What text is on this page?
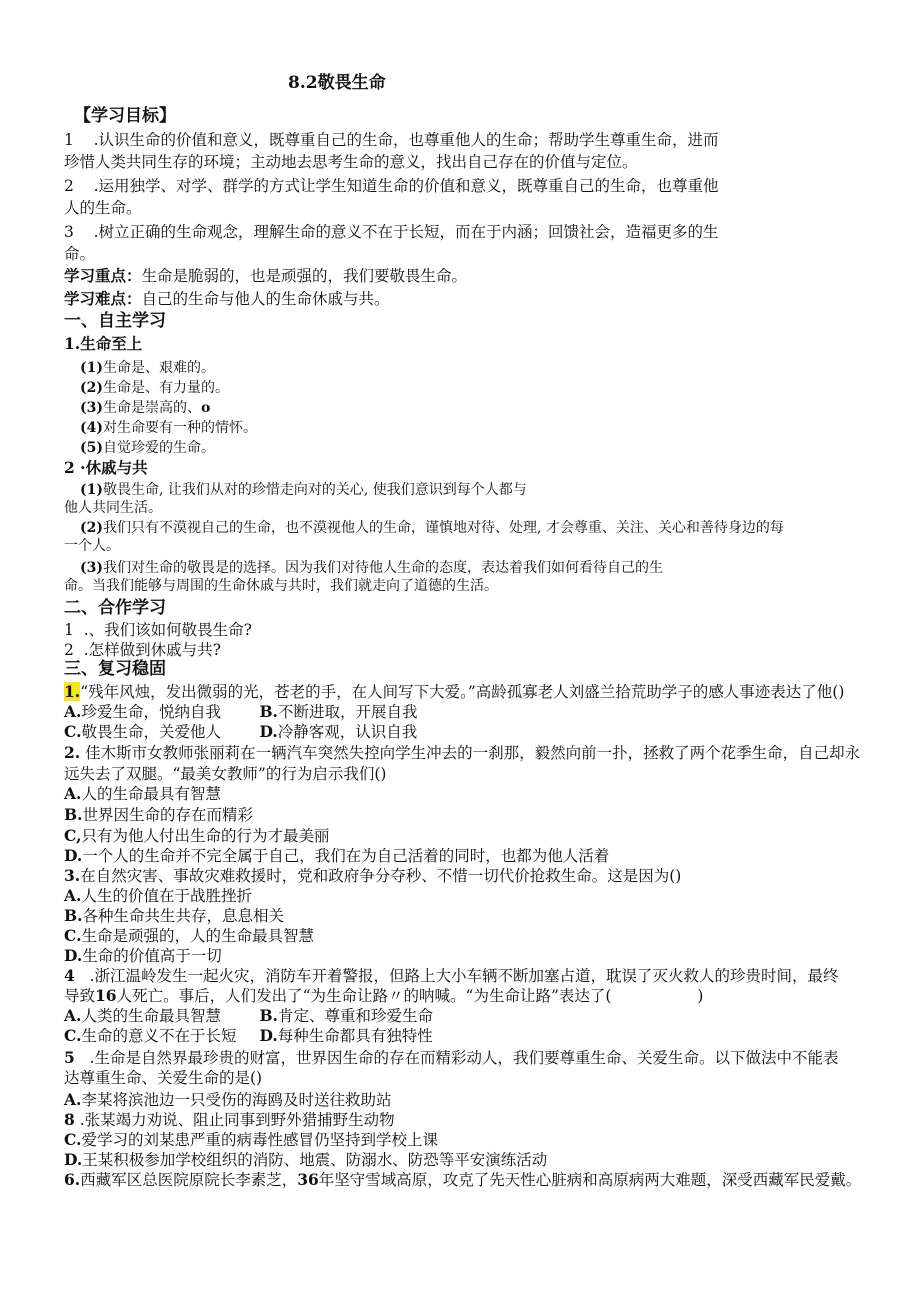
8.2敬畏生命
【学习目标】
1 .认识生命的价值和意义，既尊重自己的生命，也尊重他人的生命；帮助学生尊重生命，进而
珍惜人类共同生存的环境；主动地去思考生命的意义，找出自己存在的价值与定位。
2 .运用独学、对学、群学的方式让学生知道生命的价值和意义，既尊重自己的生命，也尊重他
人的生命。
3 .树立正确的生命观念，理解生命的意义不在于长短，而在于内涵；回馈社会，造福更多的生
命。
学习重点：生命是脆弱的，也是顽强的，我们要敬畏生命。
学习难点：自己的生命与他人的生命休戚与共。
一、自主学习
1.生命至上
(1)生命是、艰难的。
(2)生命是、有力量的。
(3)生命是崇高的、o
(4)对生命要有一种的情怀。
(5)自觉珍爱的生命。
2 ·休戚与共
(1)敬畏生命, 让我们从对的珍惜走向对的关心, 使我们意识到每个人都与
他人共同生活。
(2)我们只有不漠视自己的生命，也不漠视他人的生命，谨慎地对待、处理, 才会尊重、关注、关心和善待身边的每
一个人。
(3)我们对生命的敬畏是的选择。因为我们对待他人生命的态度，表达着我们如何看待自己的生
命。当我们能够与周围的生命休戚与共时，我们就走向了道德的生活。
二、合作学习
1 .、我们该如何敬畏生命?
2 .怎样做到休戚与共?
三、复习稳固
1.“残年风烛，发出微弱的光，苍老的手，在人间写下大爱。”高龄孤寡老人刘盛兰拾荒助学子的感人事迹表达了他()
A.珍爱生命，悦纳自我 B.不断进取，开展自我
C.敬畏生命，关爱他人 D.冷静客观，认识自我
2. 佳木斯市女教师张丽莉在一辆汽车突然失控向学生冲去的一刹那，毅然向前一扑，拯救了两个花季生命，自己却永
远失去了双腿。“最美女教师”的行为启示我们()
A.人的生命最具有智慧
B.世界因生命的存在而精彩
C,只有为他人付出生命的行为才最美丽
D.一个人的生命并不完全属于自己，我们在为自己活着的同时，也都为他人活着
3.在自然灾害、事故灾难救援时，党和政府争分夺秒、不惜一切代价抢救生命。这是因为()
A.人生的价值在于战胜挫折
B.各种生命共生共存，息息相关
C.生命是顽强的，人的生命最具智慧
D.生命的价值高于一切
4 .浙江温岭发生一起火灾，消防车开着警报，但路上大小车辆不断加塞占道，耽误了灭火救人的珍贵时间，最终
导致16人死亡。事后，人们发出了“为生命让路〃的呐喊。“为生命让路”表达了(	)
A.人类的生命最具智慧 B.肯定、尊重和珍爱生命
C.生命的意义不在于长短 D.每种生命都具有独特性
5 .生命是自然界最珍贵的财富，世界因生命的存在而精彩动人，我们要尊重生命、关爱生命。以下做法中不能表
达尊重生命、关爱生命的是()
A.李某将滨池边一只受伤的海鸥及时送往救助站
8 .张某竭力劝说、阻止同事到野外猎捕野生动物
C.爱学习的刘某患严重的病毒性感冒仍坚持到学校上课
D.王某积极参加学校组织的消防、地震、防溺水、防恐等平安演练活动
6.西藏军区总医院原院长李素芝，36年坚守雪域高原，攻克了先天性心脏病和高原病两大难题，深受西藏军民爱戴。
